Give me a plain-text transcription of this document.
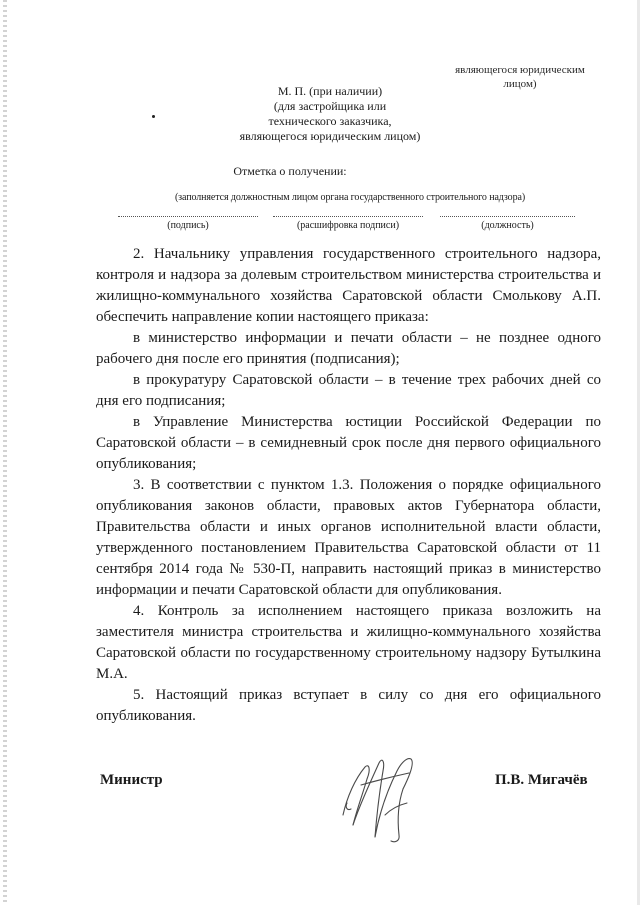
являющегося юридическим
лицом)
М. П. (при наличии)
(для застройщика или
технического заказчика,
являющегося юридическим лицом)
Отметка о получении:
(заполняется должностным лицом органа государственного строительного надзора)
(подпись)	(расшифровка подписи)	(должность)

2. Начальнику управления государственного строительного надзора, контроля и надзора за долевым строительством министерства строительства и жилищно-коммунального хозяйства Саратовской области Смолькову А.П. обеспечить направление копии настоящего приказа:

в министерство информации и печати области – не позднее одного рабочего дня после его принятия (подписания);

в прокуратуру Саратовской области – в течение трех рабочих дней со дня его подписания;

в Управление Министерства юстиции Российской Федерации по Саратовской области – в семидневный срок после дня первого официального опубликования;

3. В соответствии с пунктом 1.3. Положения о порядке официального опубликования законов области, правовых актов Губернатора области, Правительства области и иных органов исполнительной власти области, утвержденного постановлением Правительства Саратовской области от 11 сентября 2014 года № 530-П, направить настоящий приказ в министерство информации и печати Саратовской области для опубликования.

4. Контроль за исполнением настоящего приказа возложить на заместителя министра строительства и жилищно-коммунального хозяйства Саратовской области по государственному строительному надзору Бутылкина М.А.

5. Настоящий приказ вступает в силу со дня его официального опубликования.

Министр	П.В. Мигачёв
